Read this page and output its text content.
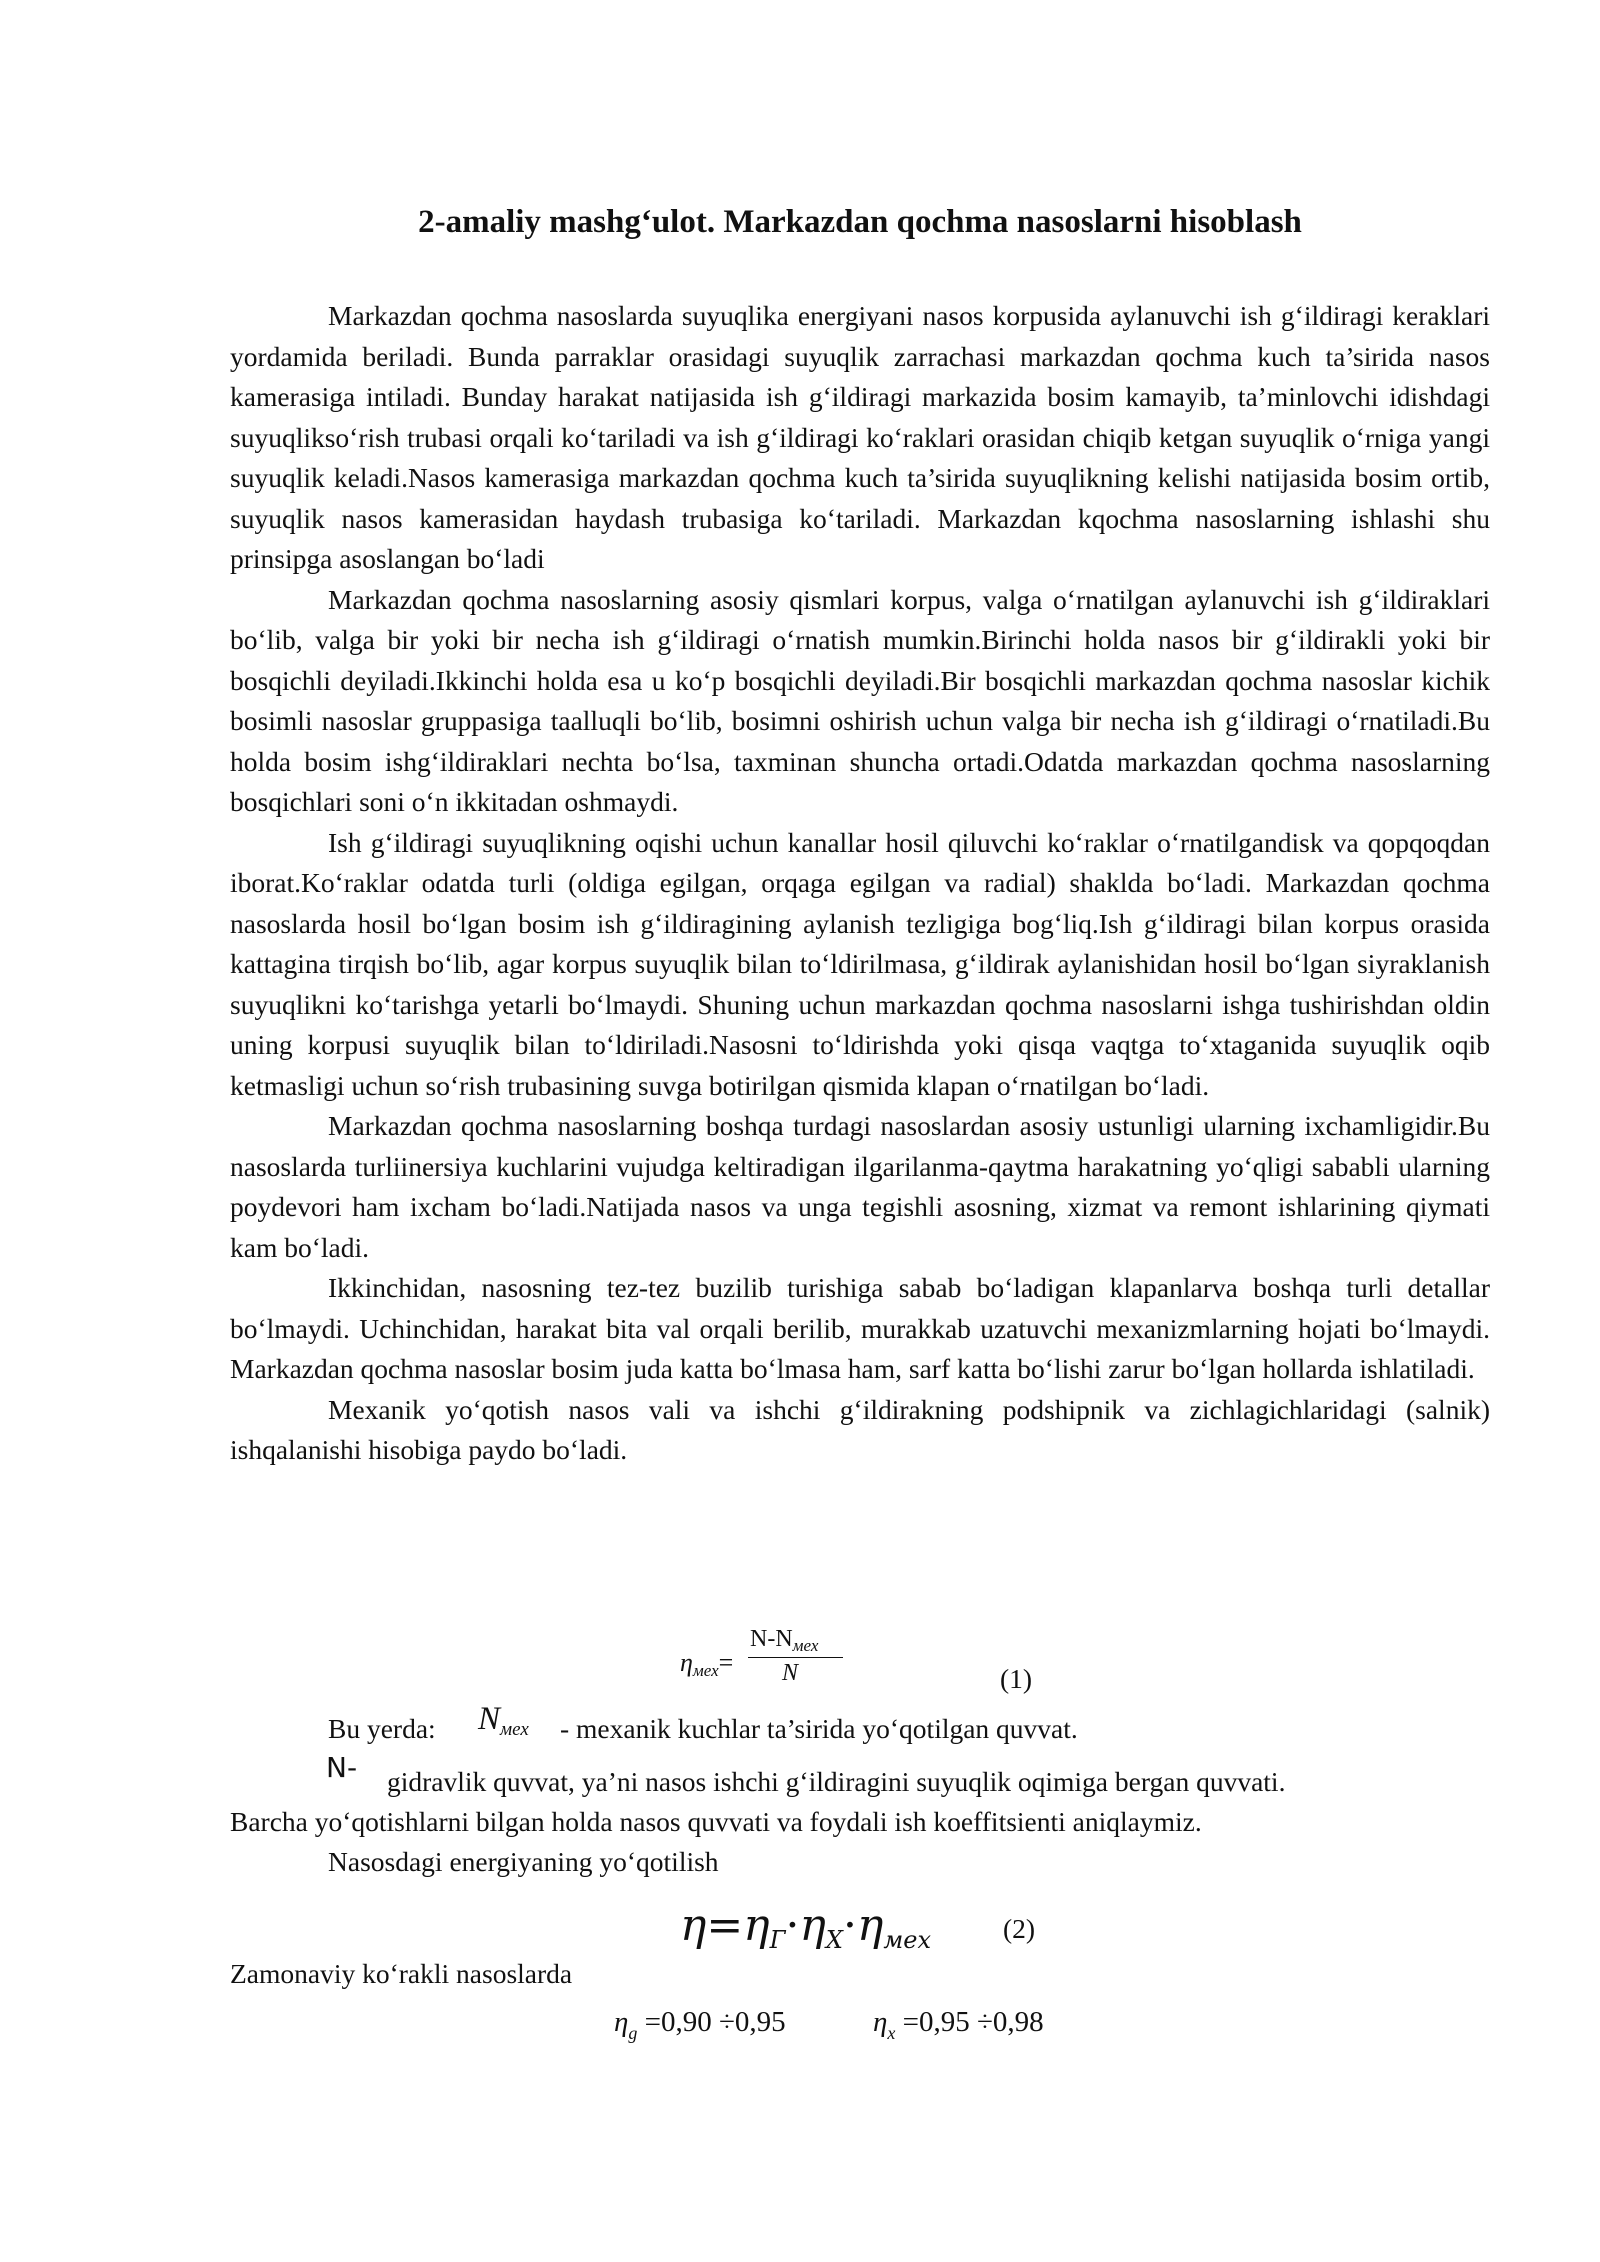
2-amaliy mashg‘ulot. Markazdan qochma nasoslarni hisoblash

Markazdan qochma nasoslarda suyuqlika energiyani nasos korpusida aylanuvchi ish g‘ildiragi keraklari yordamida beriladi. Bunda parraklar orasidagi suyuqlik zarrachasi markazdan qochma kuch ta’sirida nasos kamerasiga intiladi. Bunday harakat natijasida ish g‘ildiragi markazida bosim kamayib, ta’minlovchi idishdagi suyuqlikso‘rish trubasi orqali ko‘tariladi va ish g‘ildiragi ko‘raklari orasidan chiqib ketgan suyuqlik o‘rniga yangi suyuqlik keladi.Nasos kamerasiga markazdan qochma kuch ta’sirida suyuqlikning kelishi natijasida bosim ortib, suyuqlik nasos kamerasidan haydash trubasiga ko‘tariladi. Markazdan kqochma nasoslarning ishlashi shu prinsipga asoslangan bo‘ladi

Markazdan qochma nasoslarning asosiy qismlari korpus, valga o‘rnatilgan aylanuvchi ish g‘ildiraklari bo‘lib, valga bir yoki bir necha ish g‘ildiragi o‘rnatish mumkin.Birinchi holda nasos bir g‘ildirakli yoki bir bosqichli deyiladi.Ikkinchi holda esa u ko‘p bosqichli deyiladi.Bir bosqichli markazdan qochma nasoslar kichik bosimli nasoslar gruppasiga taalluqli bo‘lib, bosimni oshirish uchun valga bir necha ish g‘ildiragi o‘rnatiladi.Bu holda bosim ishg‘ildiraklari nechta bo‘lsa, taxminan shuncha ortadi.Odatda markazdan qochma nasoslarning bosqichlari soni o‘n ikkitadan oshmaydi.

Ish g‘ildiragi suyuqlikning oqishi uchun kanallar hosil qiluvchi ko‘raklar o‘rnatilgandisk va qopqoqdan iborat.Ko‘raklar odatda turli (oldiga egilgan, orqaga egilgan va radial) shaklda bo‘ladi. Markazdan qochma nasoslarda hosil bo‘lgan bosim ish g‘ildiragining aylanish tezligiga bog‘liq.Ish g‘ildiragi bilan korpus orasida kattagina tirqish bo‘lib, agar korpus suyuqlik bilan to‘ldirilmasa, g‘ildirak aylanishidan hosil bo‘lgan siyraklanish suyuqlikni ko‘tarishga yetarli bo‘lmaydi. Shuning uchun markazdan qochma nasoslarni ishga tushirishdan oldin uning korpusi suyuqlik bilan to‘ldiriladi.Nasosni to‘ldirishda yoki qisqa vaqtga to‘xtaganida suyuqlik oqib ketmasligi uchun so‘rish trubasining suvga botirilgan qismida klapan o‘rnatilgan bo‘ladi.

Markazdan qochma nasoslarning boshqa turdagi nasoslardan asosiy ustunligi ularning ixchamligidir.Bu nasoslarda turliinersiya kuchlarini vujudga keltiradigan ilgarilanma-qaytma harakatning yo‘qligi sababli ularning poydevori ham ixcham bo‘ladi.Natijada nasos va unga tegishli asosning, xizmat va remont ishlarining qiymati kam bo‘ladi.

Ikkinchidan, nasosning tez-tez buzilib turishiga sabab bo‘ladigan klapanlarva boshqa turli detallar bo‘lmaydi. Uchinchidan, harakat bita val orqali berilib, murakkab uzatuvchi mexanizmlarning hojati bo‘lmaydi. Markazdan qochma nasoslar bosim juda katta bo‘lmasa ham, sarf katta bo‘lishi zarur bo‘lgan hollarda ishlatiladi.

Mexanik yo‘qotish nasos vali va ishchi g‘ildirakning podshipnik va zichlagichlaridagi (salnik) ishqalanishi hisobiga paydo bo‘ladi.

$\eta_{мех}=$
$N-N_{мех}$
N	(1)
Bu yerda: Nмех - mexanik kuchlar ta’sirida yo‘qotilgan quvvat.
N- gidravlik quvvat, ya’ni nasos ishchi g‘ildiragini suyuqlik oqimiga bergan quvvati.
Barcha yo‘qotishlarni bilgan holda nasos quvvati va foydali ish koeffitsienti aniqlaymiz.
Nasosdagi energiyaning yo‘qotilish
η=ηГ·ηX·ηмех	(2)
Zamonaviy ko‘rakli nasoslarda
$\eta_g =0,90 \div 0,95$	$\eta_x =0,95 \div 0,98$
